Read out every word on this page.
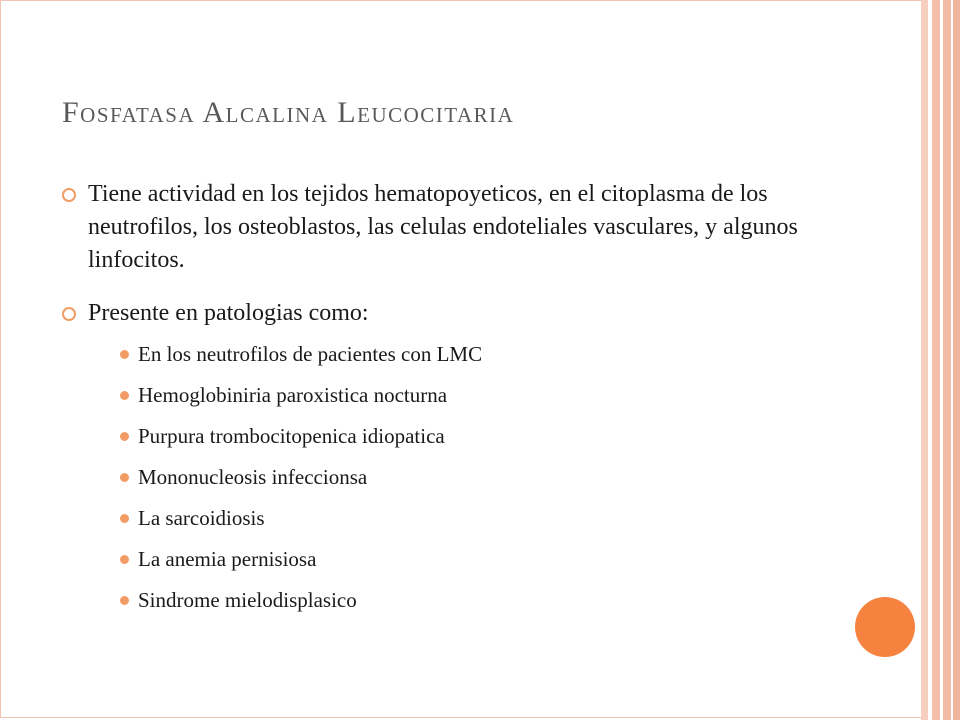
Fosfatasa Alcalina Leucocitaria
Tiene actividad en los tejidos hematopoyeticos, en el citoplasma de los neutrofilos, los osteoblastos, las celulas endoteliales vasculares, y algunos linfocitos.
Presente en patologias como:
En los neutrofilos de pacientes con LMC
Hemoglobiniria paroxistica nocturna
Purpura trombocitopenica idiopatica
Mononucleosis infeccionsa
La sarcoidiosis
La anemia pernisiosa
Sindrome mielodisplasico
